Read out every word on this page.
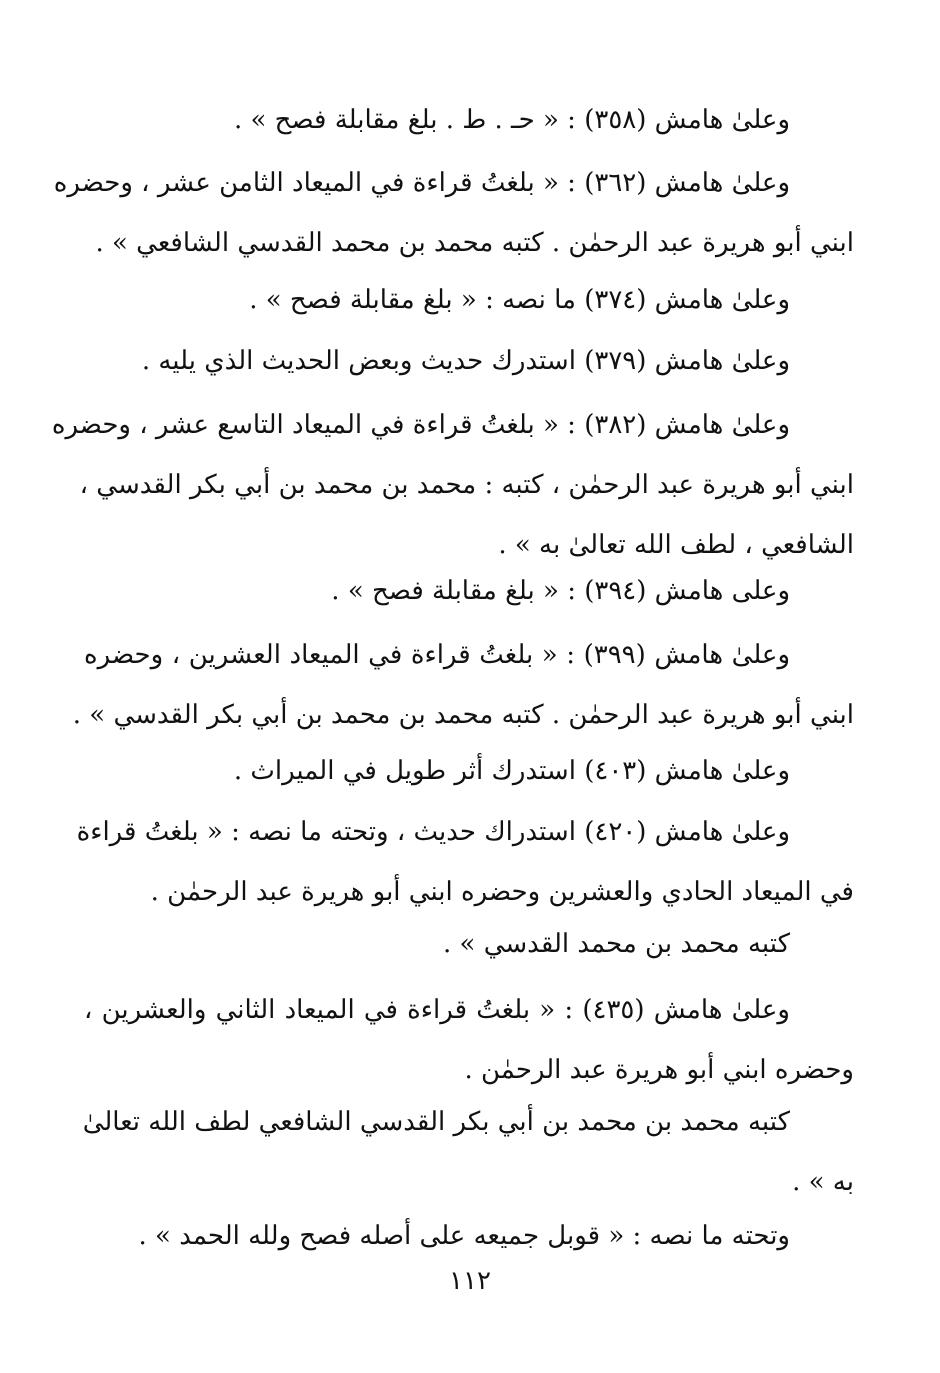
وعلىٰ هامش (٣٥٨) : « حـ . ط . بلغ مقابلة فصح » .
وعلىٰ هامش (٣٦٢) : « بلغتُ قراءة في الميعاد الثامن عشر ، وحضره
ابني أبو هريرة عبد الرحمٰن . كتبه محمد بن محمد القدسي الشافعي » .
وعلىٰ هامش (٣٧٤) ما نصه : « بلغ مقابلة فصح » .
وعلىٰ هامش (٣٧٩) استدرك حديث وبعض الحديث الذي يليه .
وعلىٰ هامش (٣٨٢) : « بلغتُ قراءة في الميعاد التاسع عشر ، وحضره
ابني أبو هريرة عبد الرحمٰن ، كتبه : محمد بن محمد بن أبي بكر القدسي ،
الشافعي ، لطف الله تعالىٰ به » .
وعلى هامش (٣٩٤) : « بلغ مقابلة فصح » .
وعلىٰ هامش (٣٩٩) : « بلغتُ قراءة في الميعاد العشرين ، وحضره
ابني أبو هريرة عبد الرحمٰن . كتبه محمد بن محمد بن أبي بكر القدسي » .
وعلىٰ هامش (٤٠٣) استدرك أثر طويل في الميراث .
وعلىٰ هامش (٤٢٠) استدراك حديث ، وتحته ما نصه : « بلغتُ قراءة
في الميعاد الحادي والعشرين وحضره ابني أبو هريرة عبد الرحمٰن .
كتبه محمد بن محمد القدسي » .
وعلىٰ هامش (٤٣٥) : « بلغتُ قراءة في الميعاد الثاني والعشرين ،
وحضره ابني أبو هريرة عبد الرحمٰن .
كتبه محمد بن محمد بن أبي بكر القدسي الشافعي لطف الله تعالىٰ
به » .
وتحته ما نصه : « قوبل جميعه على أصله فصح ولله الحمد » .
١١٢
